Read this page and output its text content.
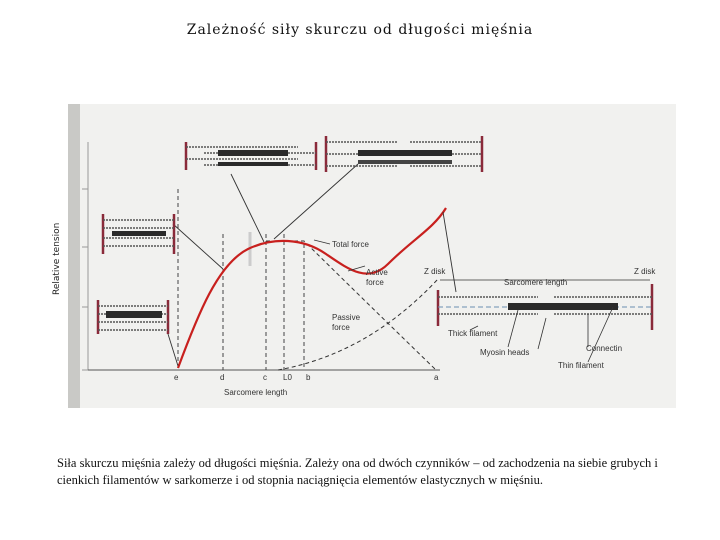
Zależność siły skurczu od długości mięśnia
Relative tension
e	d	c L0 b	a
Sarcomere length
Total force
Active
force
Passive
force
Z disk
Sarcomere length
Z disk
Thick filament
Myosin heads	Connectin
Thin filament
Siła skurczu mięśnia zależy od długości mięśnia. Zależy ona od dwóch czynników – od zachodzenia na siebie grubych i cienkich filamentów w sarkomerze i od stopnia naciągnięcia elementów elastycznych w mięśniu.
